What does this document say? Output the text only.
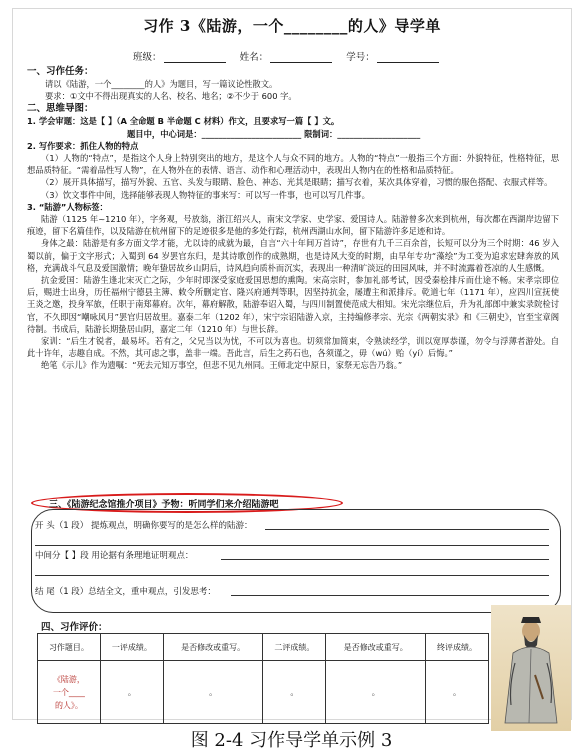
习作 3《陆游，一个________的人》导学单
班级：	姓名：	学号：
一、习作任务：
请以《陆游，一个________的人》为题目，写一篇议论性散文。
要求：①文中不得出现真实的人名、校名、地名；②不少于 600 字。
二、思维导图：
1. 学会审题：这是【 】（A 全命题 B 半命题 C 材料）作文，且要求写一篇【 】文。
题目中，中心词是：________________________ 限制词：____________________
2. 写作要求：抓住人物的特点
（1）人物的“特点”，是指这个人身上特别突出的地方，是这个人与众不同的地方。人物的“特点”一般指三个方面：外貌特征，性格特征，思想品质特征。“需着品性写人物”，在人物外在的表情、语言、动作和心理活动中，表现出人物内在的性格和品质特征。
（2）展开具体描写，描写外貌、五官、头发与眼睛、脸色、神态、光其是眼睛；描写衣着，某次具体穿着，习惯的服色搭配、衣服式样等。
（3）饮文事件中间，选择能够表现人物特征的事来写：可以写一件事，也可以写几件事。
3. “陆游”人物标签：
陆游（1125 年~1210 年），字务观，号放翁，浙江绍兴人，南宋文学家、史学家、爱国诗人。陆游曾多次来到杭州，每次都在西湖岸边留下痕迹，留下名篇佳作，以及陆游在杭州留下的足迹很多是他的多处行踪，杭州西湖山水间，留下陆游许多足迹和诗。
身体之最：陆游是有多方面文学才能，尤以诗的成就为最，自言“六十年间万首诗”，存世有九千三百余首，长短可以分为三个时期：46 岁入蜀以前，偏于文字形式；入蜀到 64 岁罢官东归，是其诗歌创作的成熟期，也是诗风大变的时期，由早年专功“藻绘”为工变为追求宏肆奔放的风格，充满战斗气息及爱国激情；晚年蛰居故乡山阴后，诗风趋向质朴而沉实，表现出一种清旷淡远的田园风味，并不时流露着苍凉的人生感慨。
抗金爱国：陆游生逢北宋灭亡之际，少年时即深受家庭爱国思想的熏陶。宋高宗时，参加礼部考试，因受秦桧排斥而仕途不畅。宋孝宗即位后，赐进士出身，历任福州宁德县主簿、敕令所删定官、隆兴府通判等职，因坚持抗金，屡遭主和派排斥。乾道七年（1171 年），应四川宣抚使王炎之邀，投身军旅，任职于南郑幕府。次年，幕府解散，陆游奉诏入蜀，与四川制置使范成大相知。宋光宗继位后，升为礼部郎中兼实录院检讨官，不久即因“嘲咏风月”罢官归居故里。嘉泰二年（1202 年），宋宁宗诏陆游入京，主持编修孝宗、光宗《两朝实录》和《三朝史》，官至宝章阁待制。书成后，陆游长期蛰居山阴，嘉定二年（1210 年）与世长辞。
家训：“后生才锐者，最易坏。若有之，父兄当以为忧，不可以为喜也。切须常加简束，令熟读经学，训以宽厚恭谨，勿令与浮薄者游处。自此十许年，志趣自成。不然，其可虑之事，盖非一端。吾此言，后生之药石也，各须谨之，毋（wú）贻（yí）后悔。”
绝笔《示儿》作为遗嘱：“死去元知万事空，但悲不见九州同。王师北定中原日，家祭无忘告乃翁。”
三、《陆游纪念馆推介项目》予物：听同学们来介绍陆游吧
开 头（1 段） 提炼观点，明确你要写的是怎么样的陆游：
中间分【 】段 用论据有条理地证明观点：
结 尾（1 段）总结全文，重申观点，引发思考：
四、习作评价：
习作题目。	一评成绩。	是否修改或重写。	二评成绩。	是否修改或重写。	终评成绩。

《陆游，
一个____
的人》。	。	。	。	。	。
图 2-4 习作导学单示例 3
